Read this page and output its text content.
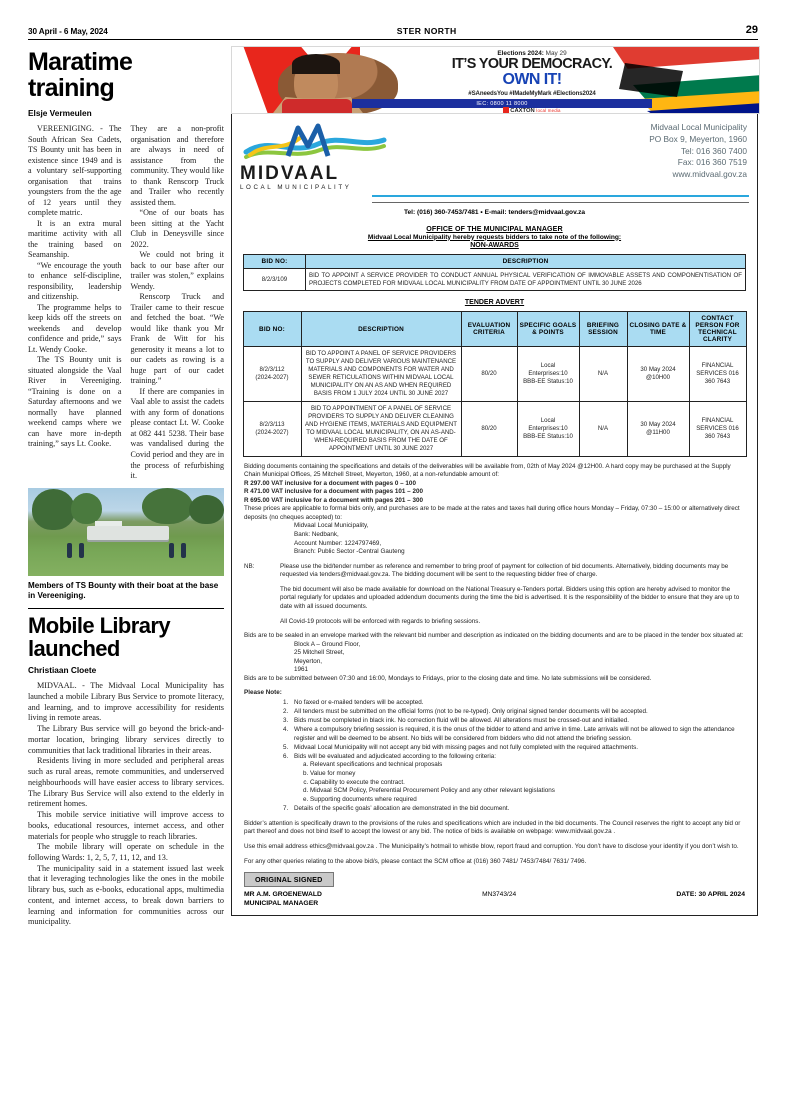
30 April - 6 May, 2024	STER NORTH	29
Maratime training
Elsje Vermeulen

VEREENIGING. - The South African Sea Cadets, TS Bounty unit has been in existence since 1949 and is a voluntary self-supporting organisation that trains youngsters from the the age of 12 years until they complete matric.

It is an extra mural maritime activity with all the training based on Seamanship.

“We encourage the youth to enhance self-discipline, responsibility, leadership and citizenship.

The programme helps to keep kids off the streets on weekends and develop confidence and pride,” says Lt. Wendy Cooke.

The TS Bounty unit is situated alongside the Vaal River in Vereeniging. “Training is done on a Saturday afternoons and we normally have planned weekend camps where we can have more in-depth training,” says Lt. Cooke.

They are a non-profit organisation and therefore are always in need of assistance from the community. They would like to thank Renscorp Truck and Trailer who recently assisted them.

“One of our boats has been sitting at the Yacht Club in Deneysville since 2022.

We could not bring it back to our base after our trailer was stolen,” explains Wendy.

Renscorp Truck and Trailer came to their rescue and fetched the boat. “We would like thank you Mr Frank de Witt for his generosity it means a lot to our cadets as rowing is a huge part of our cadet training.”

If there are companies in Vaal able to assist the cadets with any form of donations please contact Lt. W. Cooke at 082 441 5238. Their base was vandalised during the Covid period and they are in the process of refurbishing it.

Members of TS Bounty with their boat at the base in Vereeniging.
Mobile Library launched
Christiaan Cloete

MIDVAAL. - The Midvaal Local Municipality has launched a mobile Library Bus Service to promote literacy, and learning, and to improve accessibility for residents living in remote areas.

The Library Bus service will go beyond the brick-and-mortar location, bringing library services directly to communities that lack traditional libraries in their areas.

Residents living in more secluded and peripheral areas such as rural areas, remote communities, and underserved neighbourhoods will have easier access to library services. The Library Bus Service will also extend to the elderly in retirement homes.

This mobile service initiative will improve access to books, educational resources, internet access, and other materials for people who struggle to reach libraries.

The mobile library will operate on schedule in the following Wards: 1, 2, 5, 7, 11, 12, and 13.

The municipality said in a statement issued last week that it leveraging technologies like the ones in the mobile library bus, such as e-books, educational apps, multimedia content, and internet access, to break down barriers to learning and information for communities across our municipality.

Elections 2024: May 29
IT’S YOUR DEMOCRACY.
OWN IT!
#SAneedsYou #IMadeMyMark #Elections2024
IEC: 0800 11 8000
CAXTON local media
MIDVAAL
LOCAL MUNICIPALITY
Midvaal Local Municipality
PO Box 9, Meyerton, 1960
Tel: 016 360 7400
Fax: 016 360 7519
www.midvaal.gov.za
Tel: (016) 360-7453/7481 • E-mail: tenders@midvaal.gov.za
OFFICE OF THE MUNICIPAL MANAGER
Midvaal Local Municipality hereby requests bidders to take note of the following:
NON-AWARDS
BID NO:	DESCRIPTION
8/2/3/109	BID TO APPOINT A SERVICE PROVIDER TO CONDUCT ANNUAL PHYSICAL VERIFICATION OF IMMOVABLE ASSETS AND COMPONENTISATION OF PROJECTS COMPLETED FOR MIDVAAL LOCAL MUNICIPALITY FROM DATE OF APPOINTMENT UNTIL 30 JUNE 2026
TENDER ADVERT
BID NO:	DESCRIPTION	EVALUATION CRITERIA	SPECIFIC GOALS & POINTS	BRIEFING SESSION	CLOSING DATE & TIME	CONTACT PERSON FOR TECHNICAL CLARITY

8/2/3/112
(2024-2027)	BID TO APPOINT A PANEL OF SERVICE PROVIDERS TO SUPPLY AND DELIVER VARIOUS MAINTENANCE MATERIALS AND COMPONENTS FOR WATER AND SEWER RETICULATIONS WITHIN MIDVAAL LOCAL MUNICIPALITY ON AN AS AND WHEN REQUIRED BASIS FROM 1 JULY 2024 UNTIL 30 JUNE 2027	80/20	Local Enterprises:10 BBB-EE Status:10	N/A	30 May 2024 @10H00	FINANCIAL SERVICES 016 360 7643

8/2/3/113
(2024-2027)	BID TO APPOINTMENT OF A PANEL OF SERVICE PROVIDERS TO SUPPLY AND DELIVER CLEANING AND HYGIENE ITEMS, MATERIALS AND EQUIPMENT TO MIDVAAL LOCAL MUNICIPALITY, ON AN AS-AND-WHEN-REQUIRED BASIS FROM THE DATE OF APPOINTMENT UNTIL 30 JUNE 2027	80/20	Local Enterprises:10 BBB-EE Status:10	N/A	30 May 2024 @11H00	FINANCIAL SERVICES 016 360 7643
Bidding documents containing the specifications and details of the deliverables will be available from, 02th of May 2024 @12H00. A hard copy may be purchased at the Supply Chain Municipal Offices, 25 Mitchell Street, Meyerton, 1960, at a non-refundable amount of:
R 297.00 VAT inclusive for a document with pages 0 – 100
R 471.00 VAT inclusive for a document with pages 101 – 200
R 695.00 VAT inclusive for a document with pages 201 – 300
These prices are applicable to formal bids only, and purchases are to be made at the rates and taxes hall during office hours Monday – Friday, 07:30 – 15:00 or alternatively direct deposits (no cheques accepted) to:
Midvaal Local Municipality,
Bank: Nedbank,
Account Number: 1224797469,
Branch: Public Sector -Central Gauteng
NB:	Please use the bid/tender number as reference and remember to bring proof of payment for collection of bid documents. Alternatively, bidding documents may be requested via tenders@midvaal.gov.za. The bidding document will be sent to the requesting bidder free of charge.
The bid document will also be made available for download on the National Treasury e-Tenders portal. Bidders using this option are hereby advised to monitor the portal regularly for updates and uploaded addendum documents during the time the bid is advertised. It is the responsibility of the bidder to ensure that they are up to date with all issued documents.
All Covid-19 protocols will be enforced with regards to briefing sessions.
Bids are to be sealed in an envelope marked with the relevant bid number and description as indicated on the bidding documents and are to be placed in the tender box situated at:
Block A – Ground Floor,
25 Mitchell Street,
Meyerton,
1961
Bids are to be submitted between 07:30 and 16:00, Mondays to Fridays, prior to the closing date and time. No late submissions will be considered.
Please Note:
1. No faxed or e-mailed tenders will be accepted.
2. All tenders must be submitted on the official forms (not to be re-typed). Only original signed tender documents will be accepted.
3. Bids must be completed in black ink. No correction fluid will be allowed. All alterations must be crossed-out and initialled.
4. Where a compulsory briefing session is required, it is the onus of the bidder to attend and arrive in time. Late arrivals will not be allowed to sign the attendance register and will be deemed to be absent. No bids will be considered from bidders who did not attend the briefing session.
5. Midvaal Local Municipality will not accept any bid with missing pages and not fully completed with the required attachments.
6. Bids will be evaluated and adjudicated according to the following criteria:
a. Relevant specifications and technical proposals
b. Value for money
c. Capability to execute the contract.
d. Midvaal SCM Policy, Preferential Procurement Policy and any other relevant legislations
e. Supporting documents where required
7. Details of the specific goals’ allocation are demonstrated in the bid document.
Bidder’s attention is specifically drawn to the provisions of the rules and specifications which are included in the bid documents. The Council reserves the right to accept any bid or part thereof and does not bind itself to accept the lowest or any bid. The notice of bids is available on webpage: www.midvaal.gov.za .
Use this email address ethics@midvaal.gov.za . The Municipality’s hotmail to whistle blow, report fraud and corruption. You don’t have to disclose your identity if you don’t wish to.
For any other queries relating to the above bid/s, please contact the SCM office at (016) 360 7481/ 7453/7484/ 7631/ 7496.
ORIGINAL SIGNED
MR A.M. GROENEWALD
MUNICIPAL MANAGER
MN3743/24	DATE: 30 APRIL 2024
